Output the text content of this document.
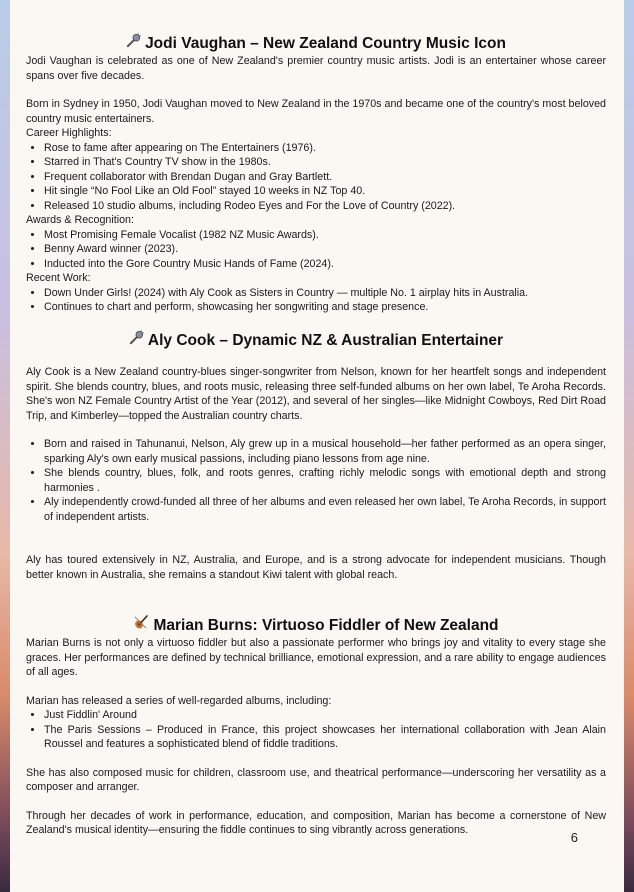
Jodi Vaughan – New Zealand Country Music Icon

Jodi Vaughan is celebrated as one of New Zealand's premier country music artists. Jodi is an entertainer whose career spans over five decades.

Born in Sydney in 1950, Jodi Vaughan moved to New Zealand in the 1970s and became one of the country's most beloved country music entertainers.

Career Highlights:
• Rose to fame after appearing on The Entertainers (1976).
• Starred in That's Country TV show in the 1980s.
• Frequent collaborator with Brendan Dugan and Gray Bartlett.
• Hit single “No Fool Like an Old Fool” stayed 10 weeks in NZ Top 40.
• Released 10 studio albums, including Rodeo Eyes and For the Love of Country (2022).
Awards & Recognition:
• Most Promising Female Vocalist (1982 NZ Music Awards).
• Benny Award winner (2023).
• Inducted into the Gore Country Music Hands of Fame (2024).
Recent Work:
• Down Under Girls! (2024) with Aly Cook as Sisters in Country — multiple No. 1 airplay hits in Australia.
• Continues to chart and perform, showcasing her songwriting and stage presence.
Aly Cook – Dynamic NZ & Australian Entertainer

Aly Cook is a New Zealand country-blues singer-songwriter from Nelson, known for her heartfelt songs and independent spirit. She blends country, blues, and roots music, releasing three self-funded albums on her own label, Te Aroha Records. She's won NZ Female Country Artist of the Year (2012), and several of her singles—like Midnight Cowboys, Red Dirt Road Trip, and Kimberley—topped the Australian country charts.

• Born and raised in Tahunanui, Nelson, Aly grew up in a musical household—her father performed as an opera singer, sparking Aly's own early musical passions, including piano lessons from age nine.
• She blends country, blues, folk, and roots genres, crafting richly melodic songs with emotional depth and strong harmonies .
• Aly independently crowd-funded all three of her albums and even released her own label, Te Aroha Records, in support of independent artists.

Aly has toured extensively in NZ, Australia, and Europe, and is a strong advocate for independent musicians. Though better known in Australia, she remains a standout Kiwi talent with global reach.

Marian Burns: Virtuoso Fiddler of New Zealand

Marian Burns is not only a virtuoso fiddler but also a passionate performer who brings joy and vitality to every stage she graces. Her performances are defined by technical brilliance, emotional expression, and a rare ability to engage audiences of all ages.

Marian has released a series of well-regarded albums, including:

• Just Fiddlin' Around
• The Paris Sessions – Produced in France, this project showcases her international collaboration with Jean Alain Roussel and features a sophisticated blend of fiddle traditions.

She has also composed music for children, classroom use, and theatrical performance—underscoring her versatility as a composer and arranger.

Through her decades of work in performance, education, and composition, Marian has become a cornerstone of New Zealand's musical identity—ensuring the fiddle continues to sing vibrantly across generations.	6
